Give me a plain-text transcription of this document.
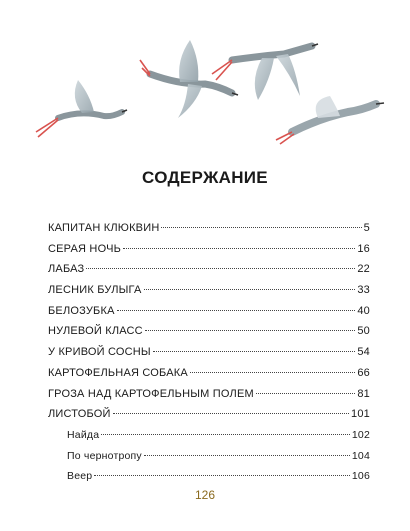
СОДЕРЖАНИЕ
КАПИТАН КЛЮКВИН	5
СЕРАЯ НОЧЬ	16
ЛАБАЗ	22
ЛЕСНИК БУЛЫГА	33
БЕЛОЗУБКА	40
НУЛЕВОЙ КЛАСС	50
У КРИВОЙ СОСНЫ	54
КАРТОФЕЛЬНАЯ СОБАКА	66
ГРОЗА НАД КАРТОФЕЛЬНЫМ ПОЛЕМ	81
ЛИСТОБОЙ	101
Найда	102
По чернотропу	104
Веер	106
126
